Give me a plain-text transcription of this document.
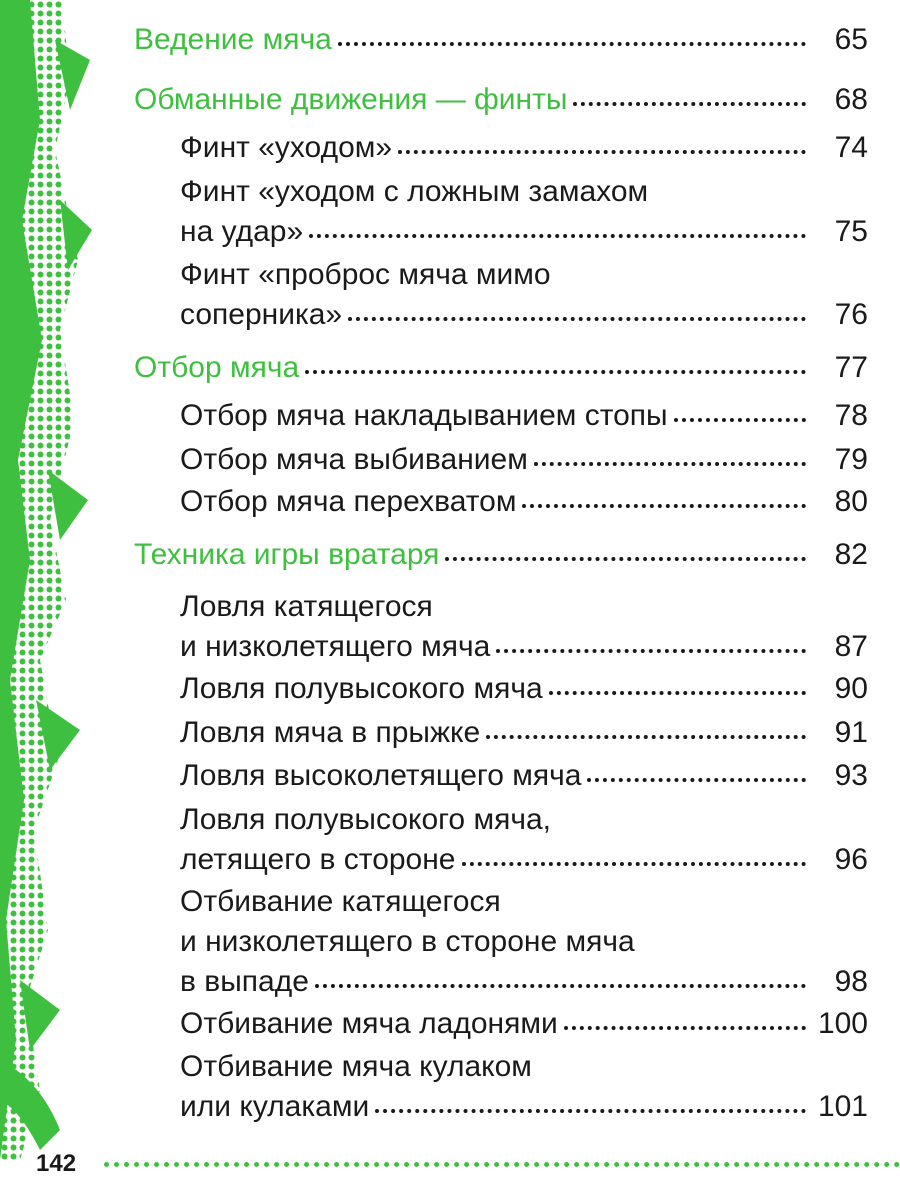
Ведение мяча	65
Обманные движения — финты	68
Финт «уходом»	74
Финт «уходом с ложным замахом
на удар»	75
Финт «проброс мяча мимо
соперника»	76
Отбор мяча	77
Отбор мяча накладыванием стопы	78
Отбор мяча выбиванием	79
Отбор мяча перехватом	80
Техника игры вратаря	82
Ловля катящегося
и низколетящего мяча	87
Ловля полувысокого мяча	90
Ловля мяча в прыжке	91
Ловля высоколетящего мяча	93
Ловля полувысокого мяча,
летящего в стороне	96
Отбивание катящегося
и низколетящего в стороне мяча
в выпаде	98
Отбивание мяча ладонями	100
Отбивание мяча кулаком
или кулаками	101
142
